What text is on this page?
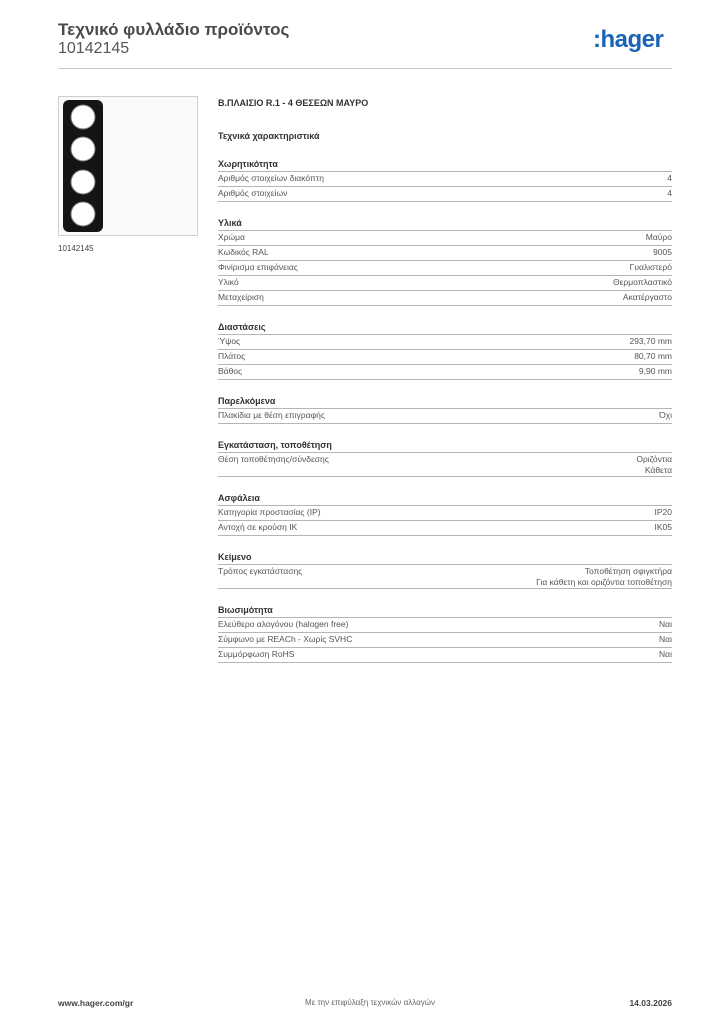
Τεχνικό φυλλάδιο προϊόντος
10142145	:hager
10142145
Β.ΠΛΑΙΣΙΟ R.1 - 4 ΘΕΣΕΩΝ ΜΑΥΡΟ
Τεχνικά χαρακτηριστικά
Χωρητικότητα
Αριθμός στοιχείων διακόπτη	4
Αριθμός στοιχείων	4
Υλικά
Χρώμα	Μαύρο
Κωδικός RAL	9005
Φινίρισμα επιφάνειας	Γυαλιστερό
Υλικό	Θερμοπλαστικό
Μεταχείριση	Ακατέργαστο
Διαστάσεις
Ύψος	293,70 mm
Πλάτος	80,70 mm
Βάθος	9,90 mm
Παρελκόμενα
Πλακίδια με θέση επιγραφής	Όχι
Εγκατάσταση, τοποθέτηση
Θέση τοποθέτησης/σύνδεσης	Οριζόντια
Κάθετα
Ασφάλεια
Κατηγορία προστασίας (IP)	IP20
Αντοχή σε κρούση IK	IK05
Κείμενο
Τρόπος εγκατάστασης	Τοποθέτηση σφιγκτήρα
Για κάθετη και οριζόντια τοποθέτηση
Βιωσιμότητα
Ελεύθερο αλογόνου (halogen free)	Ναι
Σύμφωνο με REACh - Χωρίς SVHC	Ναι
Συμμόρφωση RoHS	Ναι
www.hager.com/gr	Με την επιφύλαξη τεχνικών αλλαγών	14.03.2026
